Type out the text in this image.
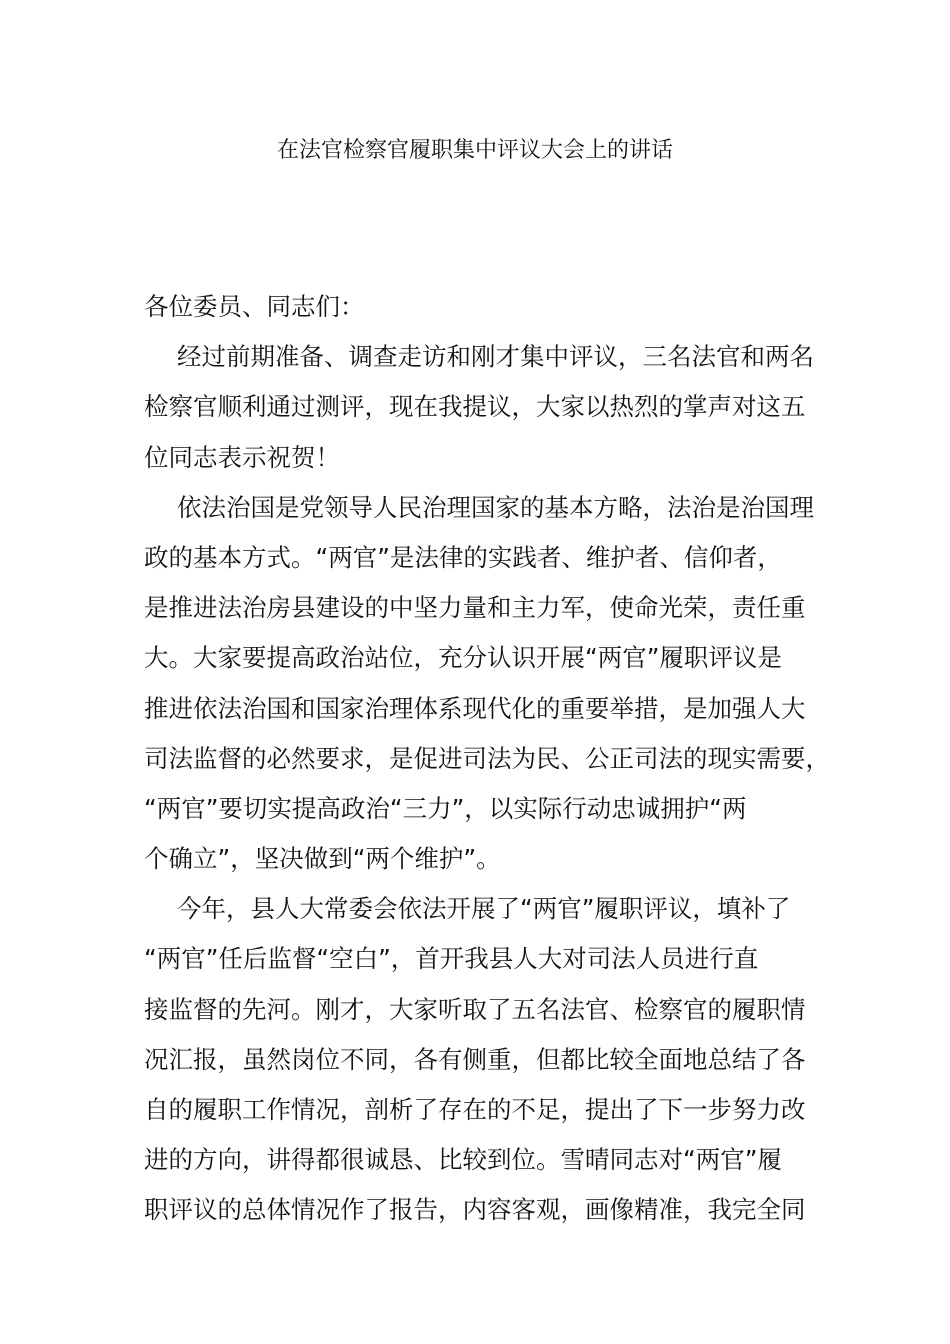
在法官检察官履职集中评议大会上的讲话
各位委员、同志们：
经过前期准备、调查走访和刚才集中评议，三名法官和两名
检察官顺利通过测评，现在我提议，大家以热烈的掌声对这五
位同志表示祝贺！
依法治国是党领导人民治理国家的基本方略，法治是治国理
政的基本方式。“两官”是法律的实践者、维护者、信仰者，
是推进法治房县建设的中坚力量和主力军，使命光荣，责任重
大。大家要提高政治站位，充分认识开展“两官”履职评议是
推进依法治国和国家治理体系现代化的重要举措，是加强人大
司法监督的必然要求，是促进司法为民、公正司法的现实需要，
“两官”要切实提高政治“三力”，以实际行动忠诚拥护“两
个确立”，坚决做到“两个维护”。
今年，县人大常委会依法开展了“两官”履职评议，填补了
“两官”任后监督“空白”，首开我县人大对司法人员进行直
接监督的先河。刚才，大家听取了五名法官、检察官的履职情
况汇报，虽然岗位不同，各有侧重，但都比较全面地总结了各
自的履职工作情况，剖析了存在的不足，提出了下一步努力改
进的方向，讲得都很诚恳、比较到位。雪晴同志对“两官”履
职评议的总体情况作了报告，内容客观，画像精准，我完全同
